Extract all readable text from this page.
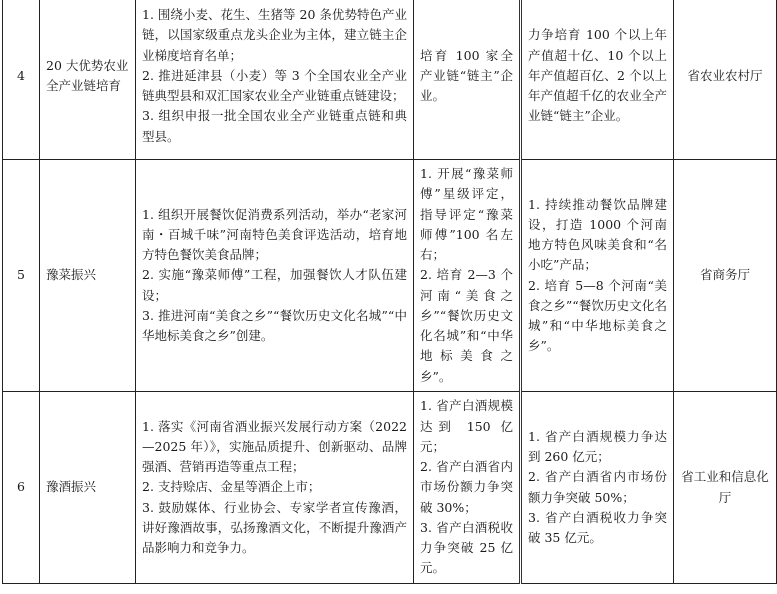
4	20 大优势农业全产业链培育	1. 围绕小麦、花生、生猪等 20 条优势特色产业链，以国家级重点龙头企业为主体，建立链主企业梯度培育名单；
2. 推进延津县（小麦）等 3 个全国农业全产业链典型县和双汇国家农业全产业链重点链建设；
3. 组织申报一批全国农业全产业链重点链和典型县。	培育 100 家全产业链“链主”企业。	力争培育 100 个以上年产值超十亿、10 个以上年产值超百亿、2 个以上年产值超千亿的农业全产业链“链主”企业。	省农业农村厅
5	豫菜振兴	1. 组织开展餐饮促消费系列活动，举办“老家河南・百城千味”河南特色美食评选活动，培育地方特色餐饮美食品牌；
2. 实施“豫菜师傅”工程，加强餐饮人才队伍建设；
3. 推进河南“美食之乡”“餐饮历史文化名城”“中华地标美食之乡”创建。	1. 开展“豫菜师傅”星级评定，指导评定“豫菜师傅”100 名左右；
2. 培育 2—3 个河南“美食之乡”“餐饮历史文化名城”和“中华地标美食之乡”。	1. 持续推动餐饮品牌建设，打造 1000 个河南地方特色风味美食和“名小吃”产品；
2. 培育 5—8 个河南“美食之乡”“餐饮历史文化名城”和“中华地标美食之乡”。	省商务厅
6	豫酒振兴	1. 落实《河南省酒业振兴发展行动方案（2022—2025 年）》，实施品质提升、创新驱动、品牌强酒、营销再造等重点工程；
2. 支持赊店、金星等酒企上市；
3. 鼓励媒体、行业协会、专家学者宣传豫酒，讲好豫酒故事，弘扬豫酒文化，不断提升豫酒产品影响力和竞争力。	1. 省产白酒规模达到 150 亿元；
2. 省产白酒省内市场份额力争突破 30%；
3. 省产白酒税收力争突破 25 亿元。	1. 省产白酒规模力争达到 260 亿元；
2. 省产白酒省内市场份额力争突破 50%；
3. 省产白酒税收力争突破 35 亿元。	省工业和信息化厅
